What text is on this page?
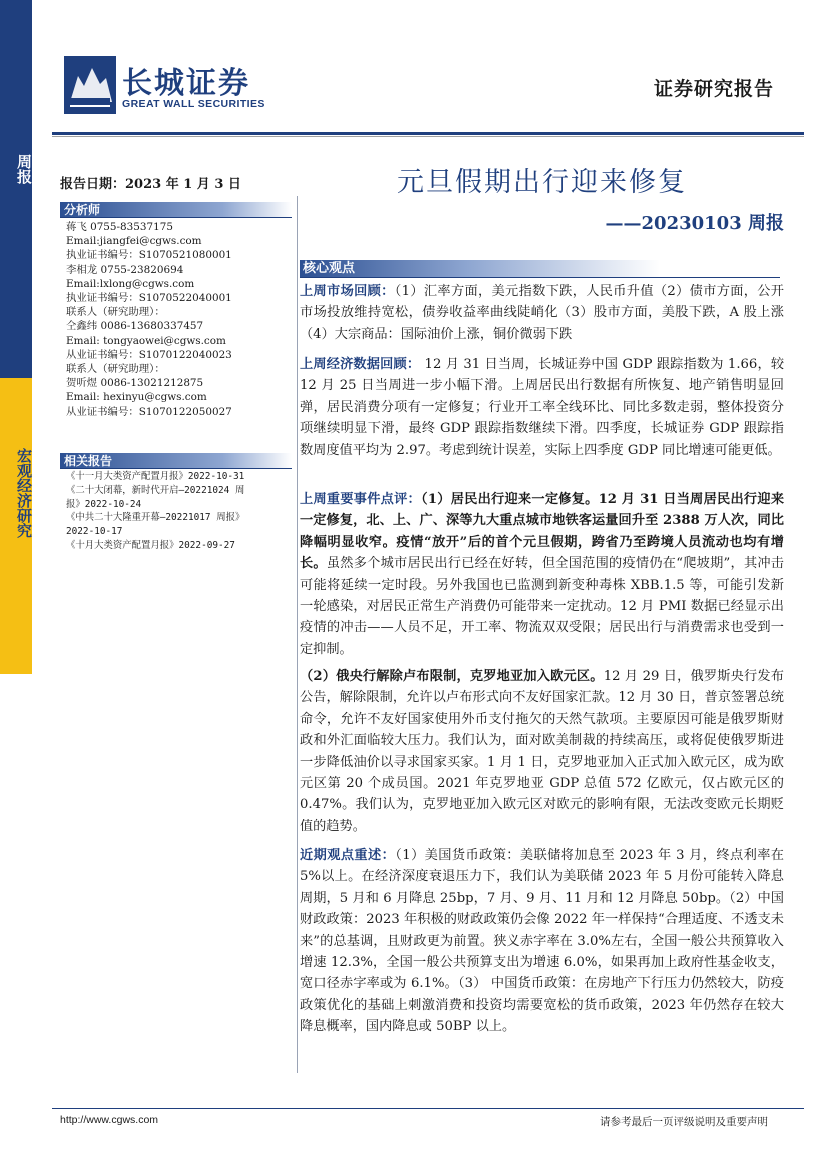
周报
宏观经济研究
长城证券
GREAT WALL SECURITIES
证券研究报告
报告日期：2023 年 1 月 3 日
分析师
蒋飞 0755-83537175
Email:jiangfei@cgws.com
执业证书编号：S1070521080001
李相龙 0755-23820694
Email:lxlong@cgws.com
执业证书编号：S1070522040001
联系人（研究助理）：
仝鑫纬 0086-13680337457
Email: tongyaowei@cgws.com
从业证书编号：S1070122040023
联系人（研究助理）：
贺听煜 0086-13021212875
Email: hexinyu@cgws.com
从业证书编号：S1070122050027
相关报告
《十一月大类资产配置月报》2022-10-31
《二十大闭幕，新时代开启—20221024 周
报》2022-10-24
《中共二十大隆重开幕—20221017 周报》
2022-10-17
《十月大类资产配置月报》2022-09-27
元旦假期出行迎来修复
——20230103 周报
核心观点
上周市场回顾：（1）汇率方面，美元指数下跌，人民币升值（2）债市方面，公开市场投放维持宽松，债券收益率曲线陡峭化（3）股市方面，美股下跌，A 股上涨（4）大宗商品：国际油价上涨，铜价微弱下跌
上周经济数据回顾： 12 月 31 日当周，长城证券中国 GDP 跟踪指数为 1.66，较 12 月 25 日当周进一步小幅下滑。上周居民出行数据有所恢复、地产销售明显回弹，居民消费分项有一定修复；行业开工率全线环比、同比多数走弱，整体投资分项继续明显下滑，最终 GDP 跟踪指数继续下滑。四季度，长城证券 GDP 跟踪指数周度值平均为 2.97。考虑到统计误差，实际上四季度 GDP 同比增速可能更低。
上周重要事件点评：（1）居民出行迎来一定修复。12 月 31 日当周居民出行迎来一定修复，北、上、广、深等九大重点城市地铁客运量回升至 2388 万人次，同比降幅明显收窄。疫情“放开”后的首个元旦假期，跨省乃至跨境人员流动也均有增长。虽然多个城市居民出行已经在好转，但全国范围的疫情仍在“爬坡期”，其冲击可能将延续一定时段。另外我国也已监测到新变种毒株 XBB.1.5 等，可能引发新一轮感染，对居民正常生产消费仍可能带来一定扰动。12 月 PMI 数据已经显示出疫情的冲击——人员不足，开工率、物流双双受限；居民出行与消费需求也受到一定抑制。
（2）俄央行解除卢布限制，克罗地亚加入欧元区。12 月 29 日，俄罗斯央行发布公告，解除限制，允许以卢布形式向不友好国家汇款。12 月 30 日，普京签署总统命令，允许不友好国家使用外币支付拖欠的天然气款项。主要原因可能是俄罗斯财政和外汇面临较大压力。我们认为，面对欧美制裁的持续高压，或将促使俄罗斯进一步降低油价以寻求国家买家。1 月 1 日，克罗地亚加入正式加入欧元区，成为欧元区第 20 个成员国。2021 年克罗地亚 GDP 总值 572 亿欧元，仅占欧元区的 0.47%。我们认为，克罗地亚加入欧元区对欧元的影响有限，无法改变欧元长期贬值的趋势。
近期观点重述：（1）美国货币政策：美联储将加息至 2023 年 3 月，终点利率在 5%以上。在经济深度衰退压力下，我们认为美联储 2023 年 5 月份可能转入降息周期，5 月和 6 月降息 25bp，7 月、9 月、11 月和 12 月降息 50bp。（2）中国财政政策：2023 年积极的财政政策仍会像 2022 年一样保持“合理适度、不透支未来”的总基调，且财政更为前置。狭义赤字率在 3.0%左右，全国一般公共预算收入增速 12.3%，全国一般公共预算支出为增速 6.0%，如果再加上政府性基金收支，宽口径赤字率或为 6.1%。（3） 中国货币政策：在房地产下行压力仍然较大，防疫政策优化的基础上刺激消费和投资均需要宽松的货币政策，2023 年仍然存在较大降息概率，国内降息或 50BP 以上。
http://www.cgws.com	请参考最后一页评级说明及重要声明
